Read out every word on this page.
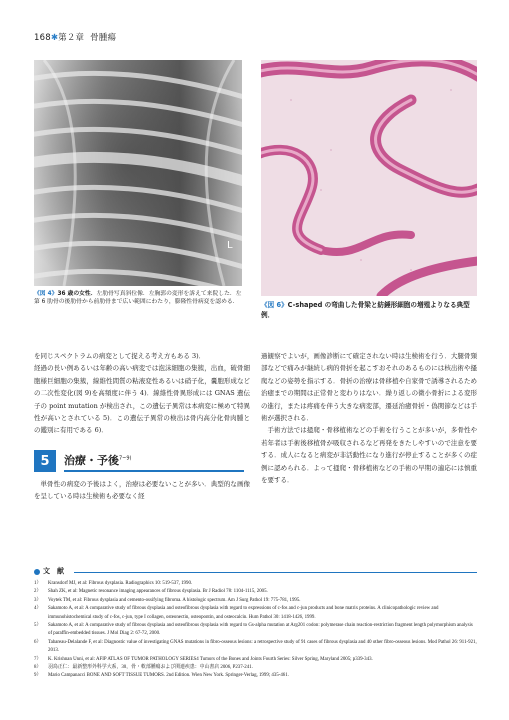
168✱第２章 骨腫瘍
L
《図 4》36 歳の女性．左肋骨写真斜位像．左胸郭の変形を訴えて来院した．左第 6 肋骨の後肋骨から前肋骨まで広い範囲にわたり，膨隆性骨病変を認める．	《図 6》C-shaped の弯曲した骨梁と紡錘形細胞の増殖よりなる典型例．

を同じスペクトラムの病変として捉える考え方もある 3)．

経過の長い例あるいは年齢の高い病変では泡沫細胞の集簇，出血，破骨細胞様巨細胞の集簇，線維性間質の粘液変性あるいは硝子化，嚢胞形成などの二次性変化(図 9)を高頻度に伴う 4)．線維性骨異形成には GNAS 遺伝子の point mutation が検出され，この遺伝子異常は本病変に極めて特異性が高いとされている 5)．この遺伝子異常の検出は骨内高分化骨肉腫との鑑別に有用である 6)．

5	治療・予後$^{7\sim 9)}$

単骨性の病変の予後はよく，治療は必要ないことが多い．典型的な画像を呈している時は生検術も必要なく経

過観察でよいが，画像診断にて確定されない時は生検術を行う．大腿骨頸部などで痛みが継続し病的骨折を起こすおそれのあるものには核出術や搔爬などの姿勢を指示する．骨折の治療は骨移植や自家骨で誘導されるため治癒までの期間は正常骨と変わりはない．繰り返しの微小骨折による変形の進行，または疼痛を伴う大きな病変部，遷延治癒骨折・偽関節などは手術が選択される．

手術方法では掻爬・骨移植術などの手術を行うことが多いが，多骨性や若年者は手術後移植骨が吸収されるなど再発をきたしやすいので注意を要する．成人になると病変が非活動性になり進行が停止することが多くの症例に認められる．よって掻爬・骨移植術などの手術の早期の適応には慎重を要する．

文　献
1） Kransdorf MJ, et al: Fibrous dysplasia. Radiographics 10: 519-537, 1990.
2） Shah ZK, et al: Magnetic resonance imaging appearances of fibrous dysplasia. Br J Radiol 78: 1104-1115, 2005.
3） Voytek TM, et al: Fibrous dysplasia and cemento-ossifying fibroma. A histologic spectrum. Am J Surg Pathol 19: 775-781, 1995.
4） Sakamoto A, et al: A comparative study of fibrous dysplasia and osteofibrous dysplasia with regard to expressions of c-fos and c-jun products and bone matrix proteins. A clinicopathologic review and immunohistochemical study of c-fos, c-jun, type I collagen, osteonectin, osteopontin, and osteocalcin. Hum Pathol 30: 1418-1426, 1999.
5） Sakamoto A, et al: A comparative study of fibrous dysplasia and osteofibrous dysplasia with regard to Gs-alpha mutation at Arg201 codon: polymerase chain reaction-restriction fragment length polymorphism analysis of paraffin-embedded tissues. J Mol Diag 2: 67-72, 2000.
6） Tabareau-Delalande F, et al: Diagnostic value of investigating GNAS mutations in fibro-osseous lesions: a retrospective study of 91 cases of fibrous dysplasia and 40 other fibro-osseous lesions. Mod Pathol 26: 911-921, 2013.
7） K. Krishnan Unni, et al: AFIP ATLAS OF TUMOR PATHOLOGY SERIES4 Tumors of the Bones and Joints Fourth Series: Silver Spring, Maryland 2005; p339-343.
8） 羽鳥正仁：最新整形外科学大系，30，骨・軟部腫瘍および関連疾患：中山書店 2006, P237-241.
9） Mario Campanacci BONE AND SOFT TISSUE TUMORS. 2nd Edition. Wien New York. Springer-Verlag, 1999; 435-461.
